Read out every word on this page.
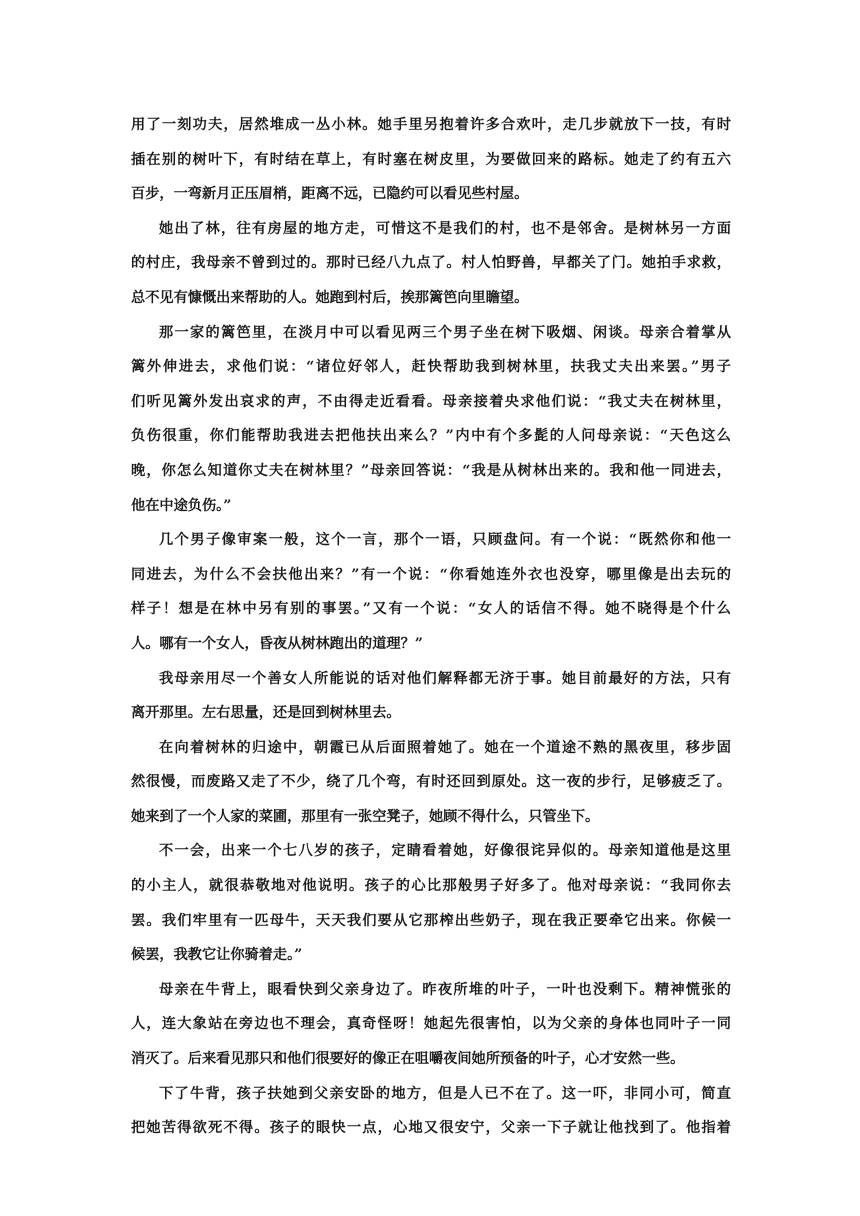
用了一刻功夫，居然堆成一丛小林。她手里另抱着许多合欢叶，走几步就放下一技，有时
插在别的树叶下，有时结在草上，有时塞在树皮里，为要做回来的路标。她走了约有五六
百步，一弯新月正压眉梢，距离不远，已隐约可以看见些村屋。
她出了林，往有房屋的地方走，可惜这不是我们的村，也不是邻舍。是树林另一方面
的村庄，我母亲不曾到过的。那时已经八九点了。村人怕野兽，早都关了门。她拍手求救，
总不见有慷慨出来帮助的人。她跑到村后，挨那篱笆向里瞻望。
那一家的篱笆里，在淡月中可以看见两三个男子坐在树下吸烟、闲谈。母亲合着掌从
篱外伸进去，求他们说：“诸位好邻人，赶快帮助我到树林里，扶我丈夫出来罢。”男子
们听见篱外发出哀求的声，不由得走近看看。母亲接着央求他们说：“我丈夫在树林里，
负伤很重，你们能帮助我进去把他扶出来么？”内中有个多髭的人问母亲说：“天色这么
晚，你怎么知道你丈夫在树林里？”母亲回答说：“我是从树林出来的。我和他一同进去，
他在中途负伤。”
几个男子像审案一般，这个一言，那个一语，只顾盘问。有一个说：“既然你和他一
同进去，为什么不会扶他出来？”有一个说：“你看她连外衣也没穿，哪里像是出去玩的
样子！想是在林中另有别的事罢。”又有一个说：“女人的话信不得。她不晓得是个什么
人。哪有一个女人，昏夜从树林跑出的道理？”
我母亲用尽一个善女人所能说的话对他们解释都无济于事。她目前最好的方法，只有
离开那里。左右思量，还是回到树林里去。
在向着树林的归途中，朝霞已从后面照着她了。她在一个道途不熟的黑夜里，移步固
然很慢，而废路又走了不少，绕了几个弯，有时还回到原处。这一夜的步行，足够疲乏了。
她来到了一个人家的菜圃，那里有一张空凳子，她顾不得什么，只管坐下。
不一会，出来一个七八岁的孩子，定睛看着她，好像很诧异似的。母亲知道他是这里
的小主人，就很恭敬地对他说明。孩子的心比那般男子好多了。他对母亲说：“我同你去
罢。我们牢里有一匹母牛，天天我们要从它那榨出些奶子，现在我正要牵它出来。你候一
候罢，我教它让你骑着走。”
母亲在牛背上，眼看快到父亲身边了。昨夜所堆的叶子，一叶也没剩下。精神慌张的
人，连大象站在旁边也不理会，真奇怪呀！她起先很害怕，以为父亲的身体也同叶子一同
消灭了。后来看见那只和他们很要好的像正在咀嚼夜间她所预备的叶子，心才安然一些。
下了牛背，孩子扶她到父亲安卧的地方，但是人已不在了。这一吓，非同小可，简直
把她苦得欲死不得。孩子的眼快一点，心地又很安宁，父亲一下子就让他找到了。他指着
